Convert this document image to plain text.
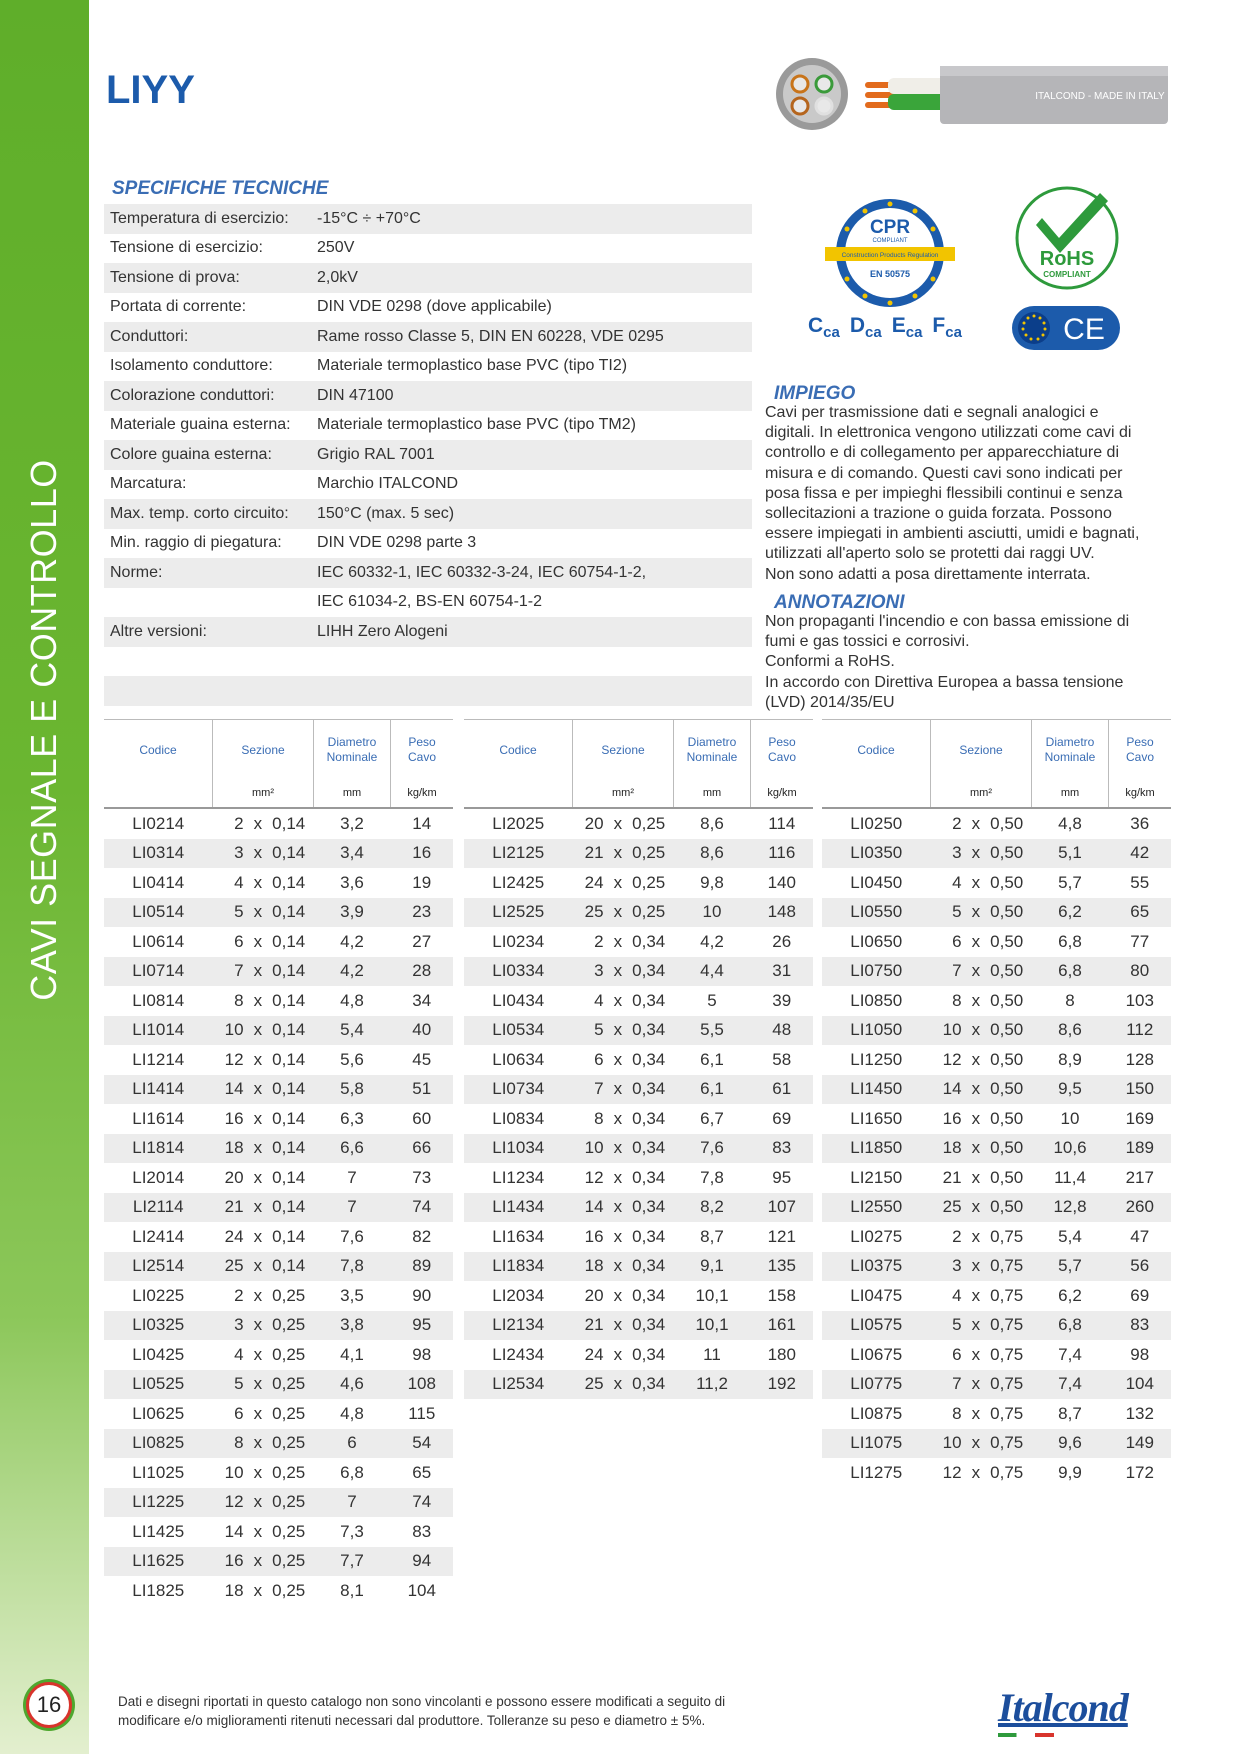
CAVI SEGNALE E CONTROLLO
16
LIYY	ITALCOND - MADE IN ITALY
SPECIFICHE TECNICHE
Temperatura di esercizio:	-15°C ÷ +70°C
Tensione di esercizio:	250V
Tensione di prova:	2,0kV
Portata di corrente:	DIN VDE 0298 (dove applicabile)
Conduttori:	Rame rosso Classe 5, DIN EN 60228, VDE 0295
Isolamento conduttore:	Materiale termoplastico base PVC (tipo TI2)
Colorazione conduttori:	DIN 47100
Materiale guaina esterna:	Materiale termoplastico base PVC (tipo TM2)
Colore guaina esterna:	Grigio RAL 7001
Marcatura:	Marchio ITALCOND
Max. temp. corto circuito:	150°C (max. 5 sec)
Min. raggio di piegatura:	DIN VDE 0298 parte 3
Norme:	IEC 60332-1, IEC 60332-3-24, IEC 60754-1-2,
IEC 61034-2, BS-EN 60754-1-2
Altre versioni:	LIHH Zero Alogeni
CPR
COMPLIANT
Construction Products Regulation
EN 50575
$C_{ca}$ $D_{ca}$ $E_{ca}$ $F_{ca}$
RoHS
COMPLIANT
CE
IMPIEGO
Cavi per trasmissione dati e segnali analogici e
digitali. In elettronica vengono utilizzati come cavi di
controllo e di collegamento per apparecchiature di
misura e di comando. Questi cavi sono indicati per
posa fissa e per impieghi flessibili continui e senza
sollecitazioni a trazione o guida forzata. Possono
essere impiegati in ambienti asciutti, umidi e bagnati,
utilizzati all'aperto solo se protetti dai raggi UV.
Non sono adatti a posa direttamente interrata.
ANNOTAZIONI
Non propaganti l'incendio e con bassa emissione di
fumi e gas tossici e corrosivi.
Conformi a RoHS.
In accordo con Direttiva Europea a bassa tensione
(LVD) 2014/35/EU
Codice	Sezione			Diametro
Nominale	Peso
Cavo
	mm²			mm	kg/km
LI0214	2	x	0,14	3,2	14
LI0314	3	x	0,14	3,4	16
LI0414	4	x	0,14	3,6	19
LI0514	5	x	0,14	3,9	23
LI0614	6	x	0,14	4,2	27
LI0714	7	x	0,14	4,2	28
LI0814	8	x	0,14	4,8	34
LI1014	10	x	0,14	5,4	40
LI1214	12	x	0,14	5,6	45
LI1414	14	x	0,14	5,8	51
LI1614	16	x	0,14	6,3	60
LI1814	18	x	0,14	6,6	66
LI2014	20	x	0,14	7	73
LI2114	21	x	0,14	7	74
LI2414	24	x	0,14	7,6	82
LI2514	25	x	0,14	7,8	89
LI0225	2	x	0,25	3,5	90
LI0325	3	x	0,25	3,8	95
LI0425	4	x	0,25	4,1	98
LI0525	5	x	0,25	4,6	108
LI0625	6	x	0,25	4,8	115
LI0825	8	x	0,25	6	54
LI1025	10	x	0,25	6,8	65
LI1225	12	x	0,25	7	74
LI1425	14	x	0,25	7,3	83
LI1625	16	x	0,25	7,7	94
LI1825	18	x	0,25	8,1	104
Codice	Sezione			Diametro
Nominale	Peso
Cavo
	mm²			mm	kg/km
LI2025	20	x	0,25	8,6	114
LI2125	21	x	0,25	8,6	116
LI2425	24	x	0,25	9,8	140
LI2525	25	x	0,25	10	148
LI0234	2	x	0,34	4,2	26
LI0334	3	x	0,34	4,4	31
LI0434	4	x	0,34	5	39
LI0534	5	x	0,34	5,5	48
LI0634	6	x	0,34	6,1	58
LI0734	7	x	0,34	6,1	61
LI0834	8	x	0,34	6,7	69
LI1034	10	x	0,34	7,6	83
LI1234	12	x	0,34	7,8	95
LI1434	14	x	0,34	8,2	107
LI1634	16	x	0,34	8,7	121
LI1834	18	x	0,34	9,1	135
LI2034	20	x	0,34	10,1	158
LI2134	21	x	0,34	10,1	161
LI2434	24	x	0,34	11	180
LI2534	25	x	0,34	11,2	192
Codice	Sezione			Diametro
Nominale	Peso
Cavo
	mm²			mm	kg/km
LI0250	2	x	0,50	4,8	36
LI0350	3	x	0,50	5,1	42
LI0450	4	x	0,50	5,7	55
LI0550	5	x	0,50	6,2	65
LI0650	6	x	0,50	6,8	77
LI0750	7	x	0,50	6,8	80
LI0850	8	x	0,50	8	103
LI1050	10	x	0,50	8,6	112
LI1250	12	x	0,50	8,9	128
LI1450	14	x	0,50	9,5	150
LI1650	16	x	0,50	10	169
LI1850	18	x	0,50	10,6	189
LI2150	21	x	0,50	11,4	217
LI2550	25	x	0,50	12,8	260
LI0275	2	x	0,75	5,4	47
LI0375	3	x	0,75	5,7	56
LI0475	4	x	0,75	6,2	69
LI0575	5	x	0,75	6,8	83
LI0675	6	x	0,75	7,4	98
LI0775	7	x	0,75	7,4	104
LI0875	8	x	0,75	8,7	132
LI1075	10	x	0,75	9,6	149
LI1275	12	x	0,75	9,9	172

Dati e disegni riportati in questo catalogo non sono vincolanti e possono essere modificati a seguito di modificare e/o miglioramenti ritenuti necessari dal produttore. Tolleranze su peso e diametro ± 5%.	Italcond
